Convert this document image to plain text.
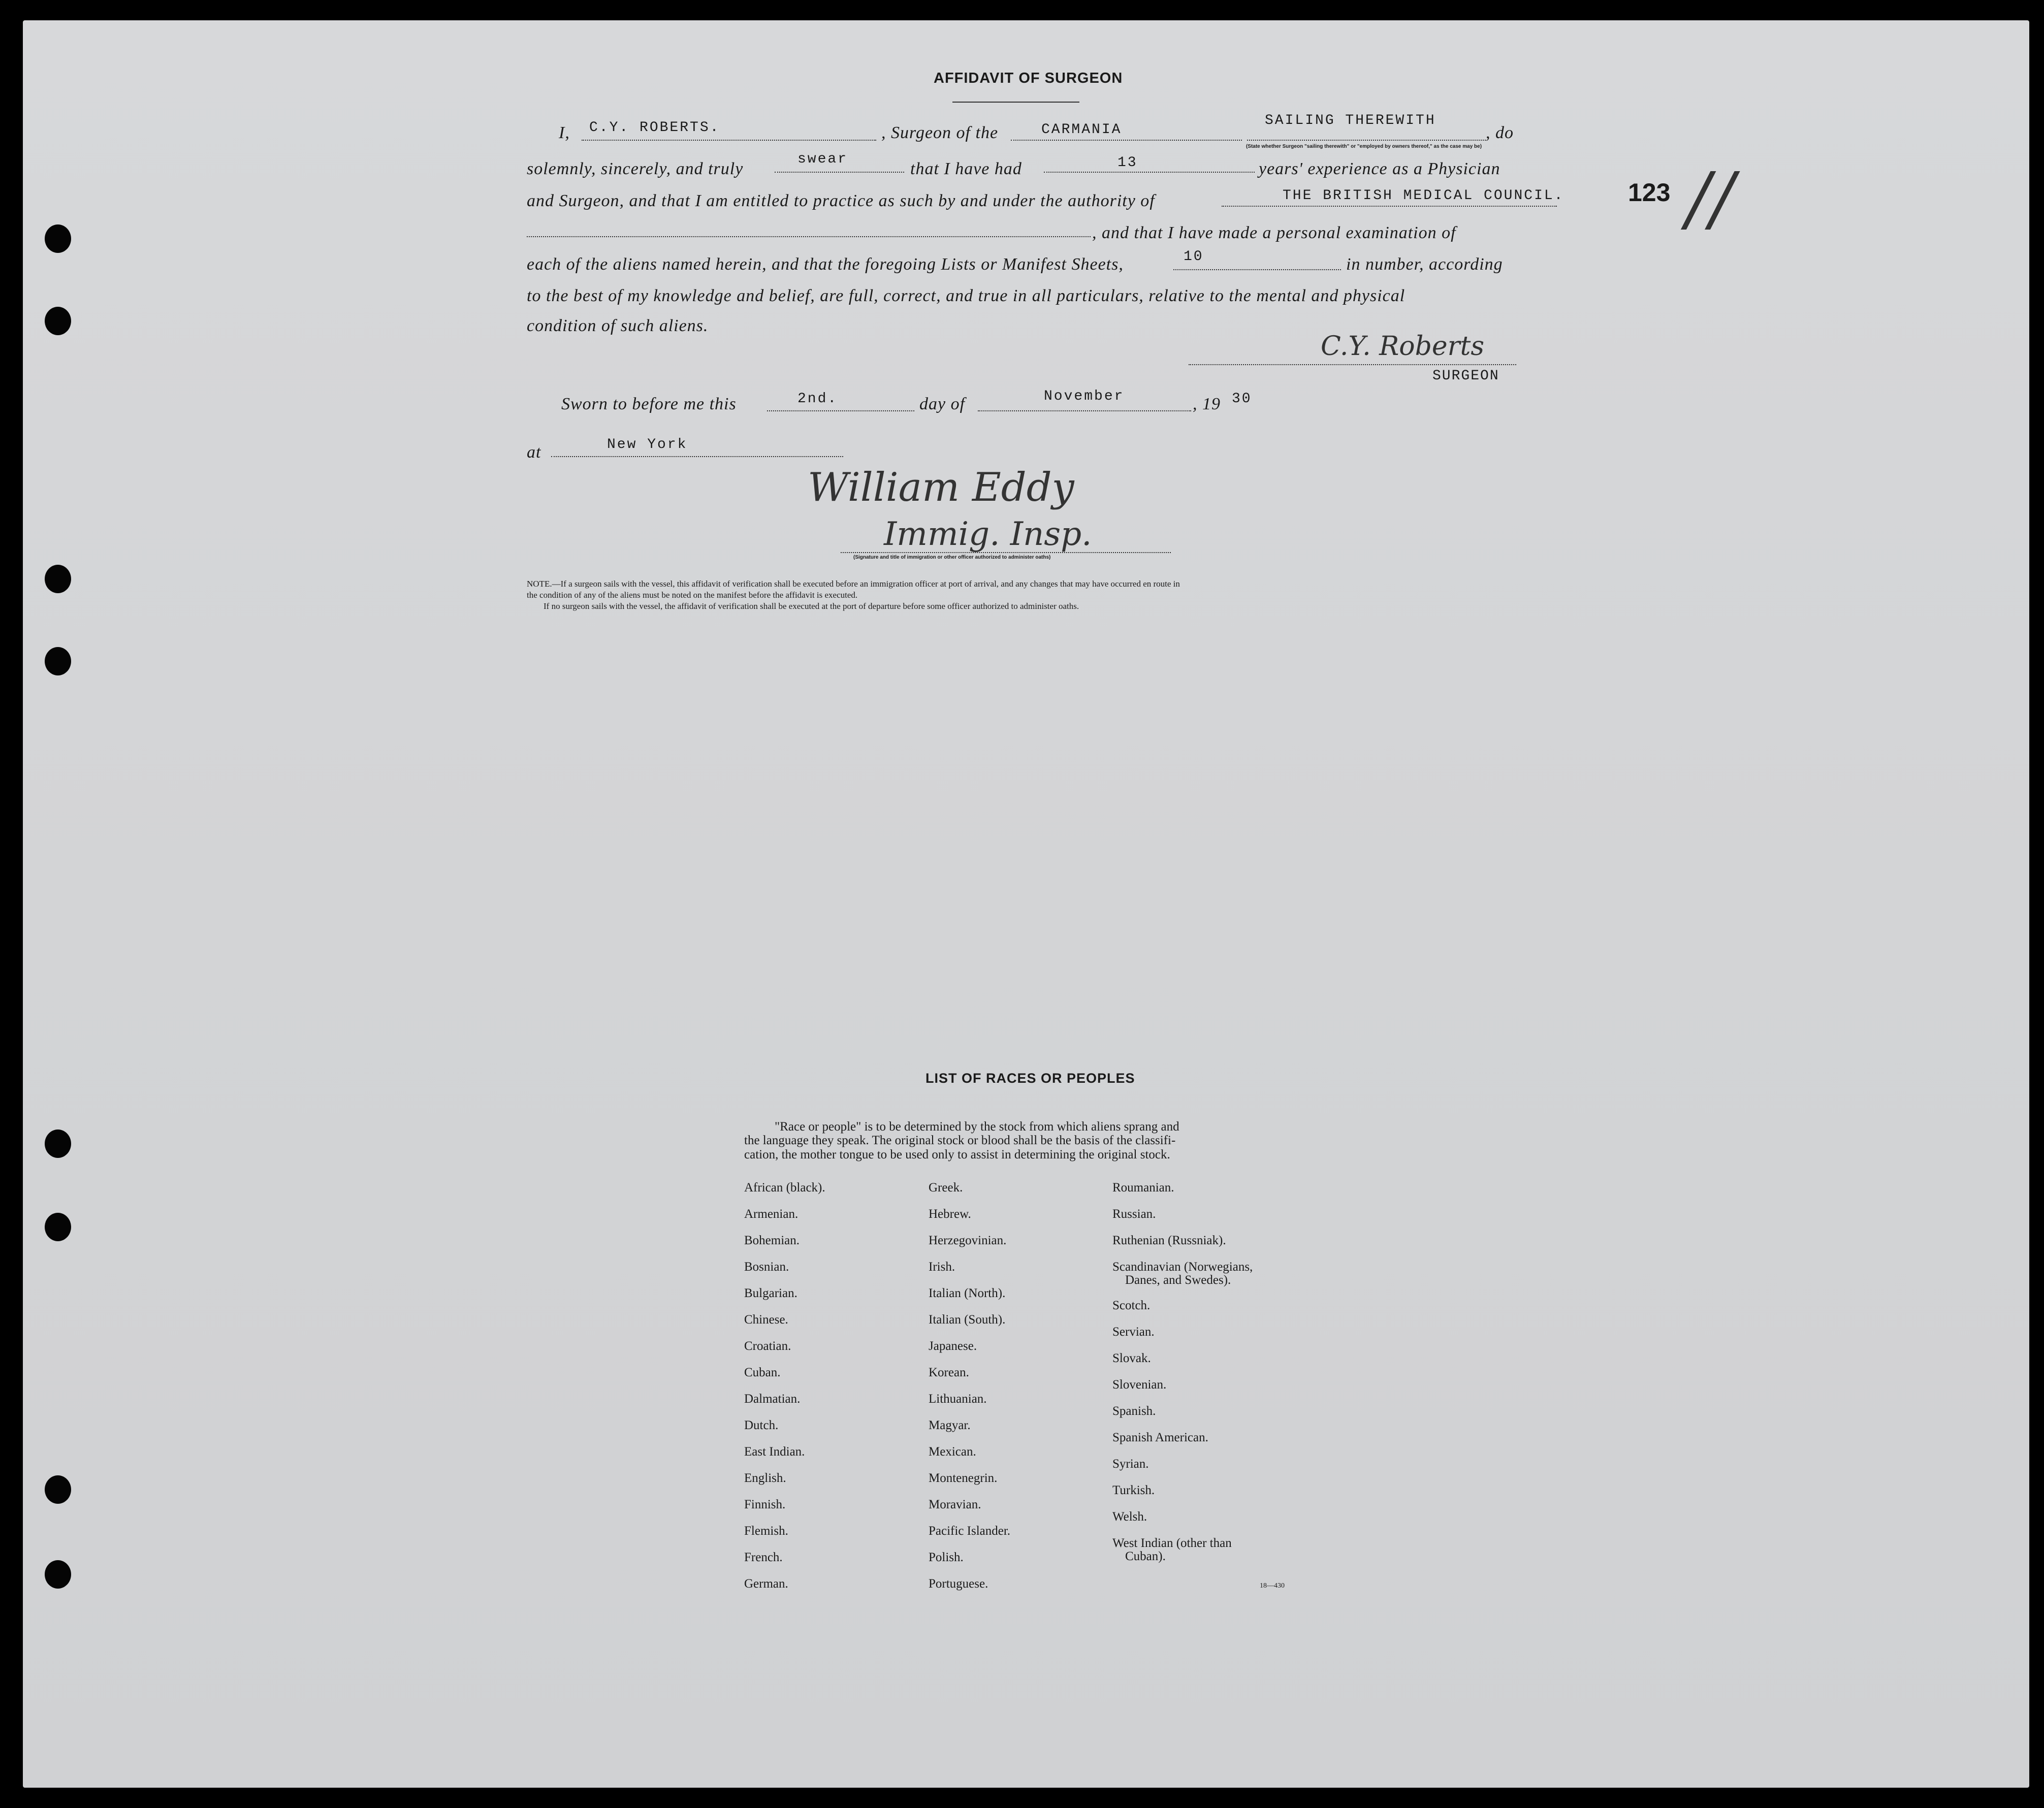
AFFIDAVIT OF SURGEON
I, C.Y. ROBERTS.	, Surgeon of the	CARMANIA
SAILING THEREWITH
, do
(State whether Surgeon "sailing therewith" or "employed by owners thereof," as the case may be)
solemnly, sincerely, and truly
swear
that I have had	13	years' experience as a Physician
and Surgeon, and that I am entitled to practice as such by and under the authority of	THE BRITISH MEDICAL COUNCIL.	123 //
, and that I have made a personal examination of
each of the aliens named herein, and that the foregoing Lists or Manifest Sheets,	10	in number, according
to the best of my knowledge and belief, are full, correct, and true in all particulars, relative to the mental and physical
condition of such aliens.
C.Y. Roberts
SURGEON
Sworn to before me this	2nd.	day of	November	, 19 30
at	New York
William Eddy
Immig. Insp.
(Signature and title of immigration or other officer authorized to administer oaths)
NOTE.—If a surgeon sails with the vessel, this affidavit of verification shall be executed before an immigration officer at port of arrival, and any changes that may have occurred en route in
the condition of any of the aliens must be noted on the manifest before the affidavit is executed.
If no surgeon sails with the vessel, the affidavit of verification shall be executed at the port of departure before some officer authorized to administer oaths.
LIST OF RACES OR PEOPLES
"Race or people" is to be determined by the stock from which aliens sprang and
the language they speak. The original stock or blood shall be the basis of the classifi-
cation, the mother tongue to be used only to assist in determining the original stock.
African (black).
Armenian.
Bohemian.
Bosnian.
Bulgarian.
Chinese.
Croatian.
Cuban.
Dalmatian.
Dutch.
East Indian.
English.
Finnish.
Flemish.
French.
German.
Greek.
Hebrew.
Herzegovinian.
Irish.
Italian (North).
Italian (South).
Japanese.
Korean.
Lithuanian.
Magyar.
Mexican.
Montenegrin.
Moravian.
Pacific Islander.
Polish.
Portuguese.
Roumanian.
Russian.
Ruthenian (Russniak).
Scandinavian (Norwegians,
Danes, and Swedes).
Scotch.
Servian.
Slovak.
Slovenian.
Spanish.
Spanish American.
Syrian.
Turkish.
Welsh.
West Indian (other than
Cuban).
18—430
